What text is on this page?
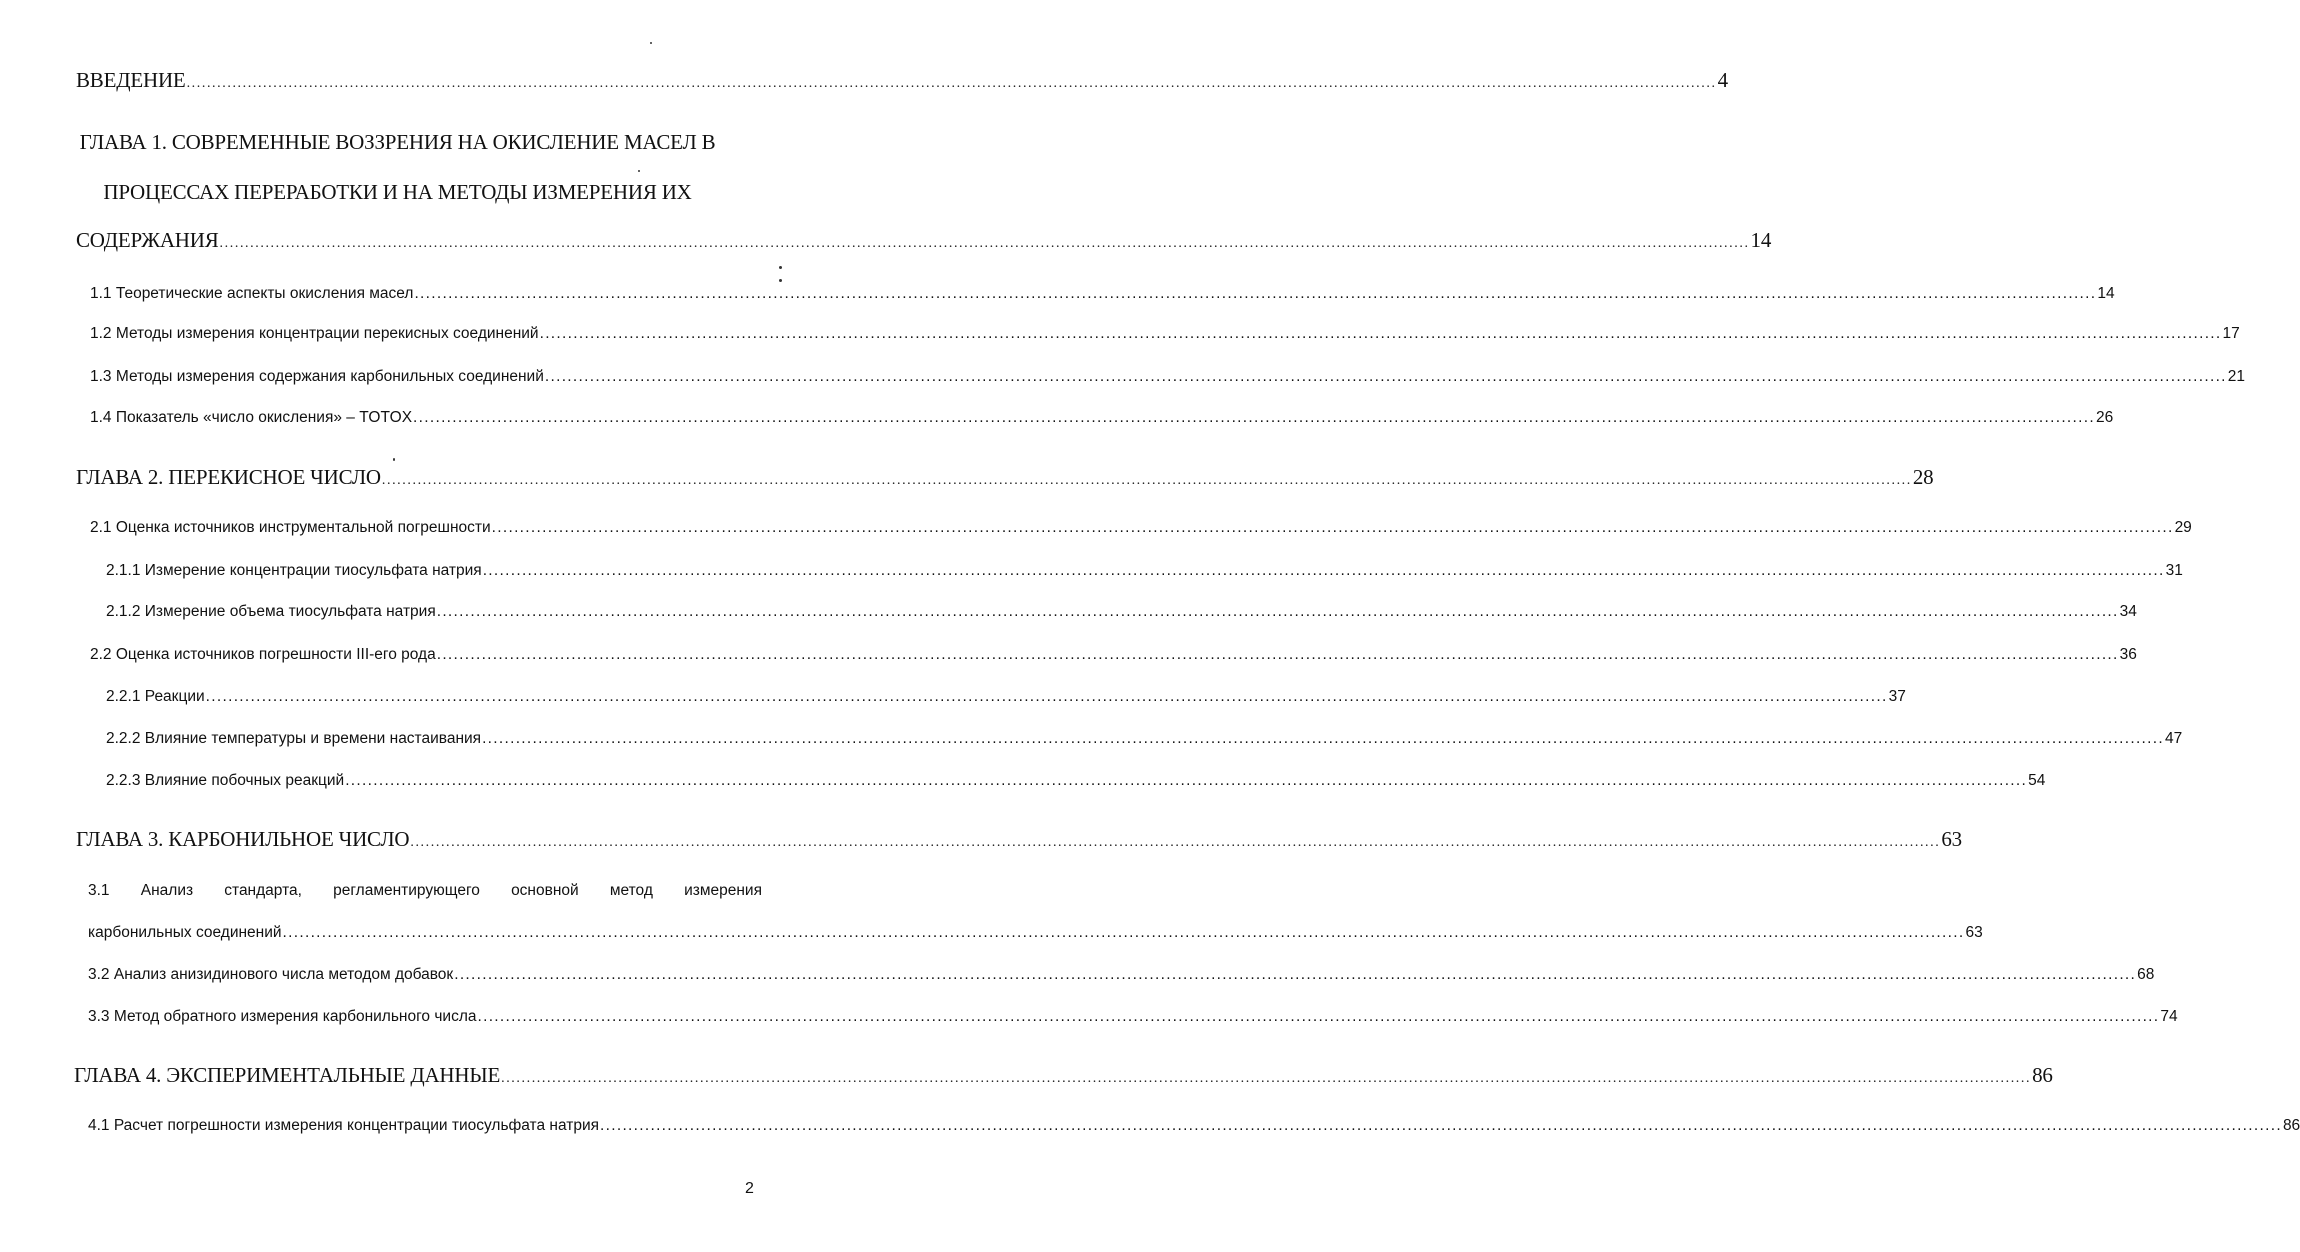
ВВЕДЕНИЕ ............................................................................................................................................................................................................................................................................................................ 4
ГЛАВА 1. СОВРЕМЕННЫЕ ВОЗЗРЕНИЯ НА ОКИСЛЕНИЕ МАСЕЛ В
ПРОЦЕССАХ ПЕРЕРАБОТКИ И НА МЕТОДЫ ИЗМЕРЕНИЯ ИХ
СОДЕРЖАНИЯ ............................................................................................................................................................................................................................................................................................................ 14
1.1 Теоретические аспекты окисления масел ............................................................................................................................................................................................................................................................................................................ 14
1.2 Методы измерения концентрации перекисных соединений ............................................................................................................................................................................................................................................................................................................ 17
1.3 Методы измерения содержания карбонильных соединений ............................................................................................................................................................................................................................................................................................................ 21
1.4 Показатель «число окисления» – TOTOX ............................................................................................................................................................................................................................................................................................................ 26
ГЛАВА 2. ПЕРЕКИСНОЕ ЧИСЛО ............................................................................................................................................................................................................................................................................................................ 28
2.1 Оценка источников инструментальной погрешности ............................................................................................................................................................................................................................................................................................................ 29
2.1.1 Измерение концентрации тиосульфата натрия ............................................................................................................................................................................................................................................................................................................ 31
2.1.2 Измерение объема тиосульфата натрия ............................................................................................................................................................................................................................................................................................................ 34
2.2 Оценка источников погрешности III-его рода ............................................................................................................................................................................................................................................................................................................ 36
2.2.1 Реакции ............................................................................................................................................................................................................................................................................................................ 37
2.2.2 Влияние температуры и времени настаивания ............................................................................................................................................................................................................................................................................................................ 47
2.2.3 Влияние побочных реакций ............................................................................................................................................................................................................................................................................................................ 54
ГЛАВА 3. КАРБОНИЛЬНОЕ ЧИСЛО ............................................................................................................................................................................................................................................................................................................ 63
3.1 Анализ стандарта, регламентирующего основной метод измерения
карбонильных соединений ............................................................................................................................................................................................................................................................................................................ 63
3.2 Анализ анизидинового числа методом добавок ............................................................................................................................................................................................................................................................................................................ 68
3.3 Метод обратного измерения карбонильного числа ............................................................................................................................................................................................................................................................................................................ 74
ГЛАВА 4. ЭКСПЕРИМЕНТАЛЬНЫЕ ДАННЫЕ ............................................................................................................................................................................................................................................................................................................ 86
4.1 Расчет погрешности измерения концентрации тиосульфата натрия ............................................................................................................................................................................................................................................................................................................ 86
2
